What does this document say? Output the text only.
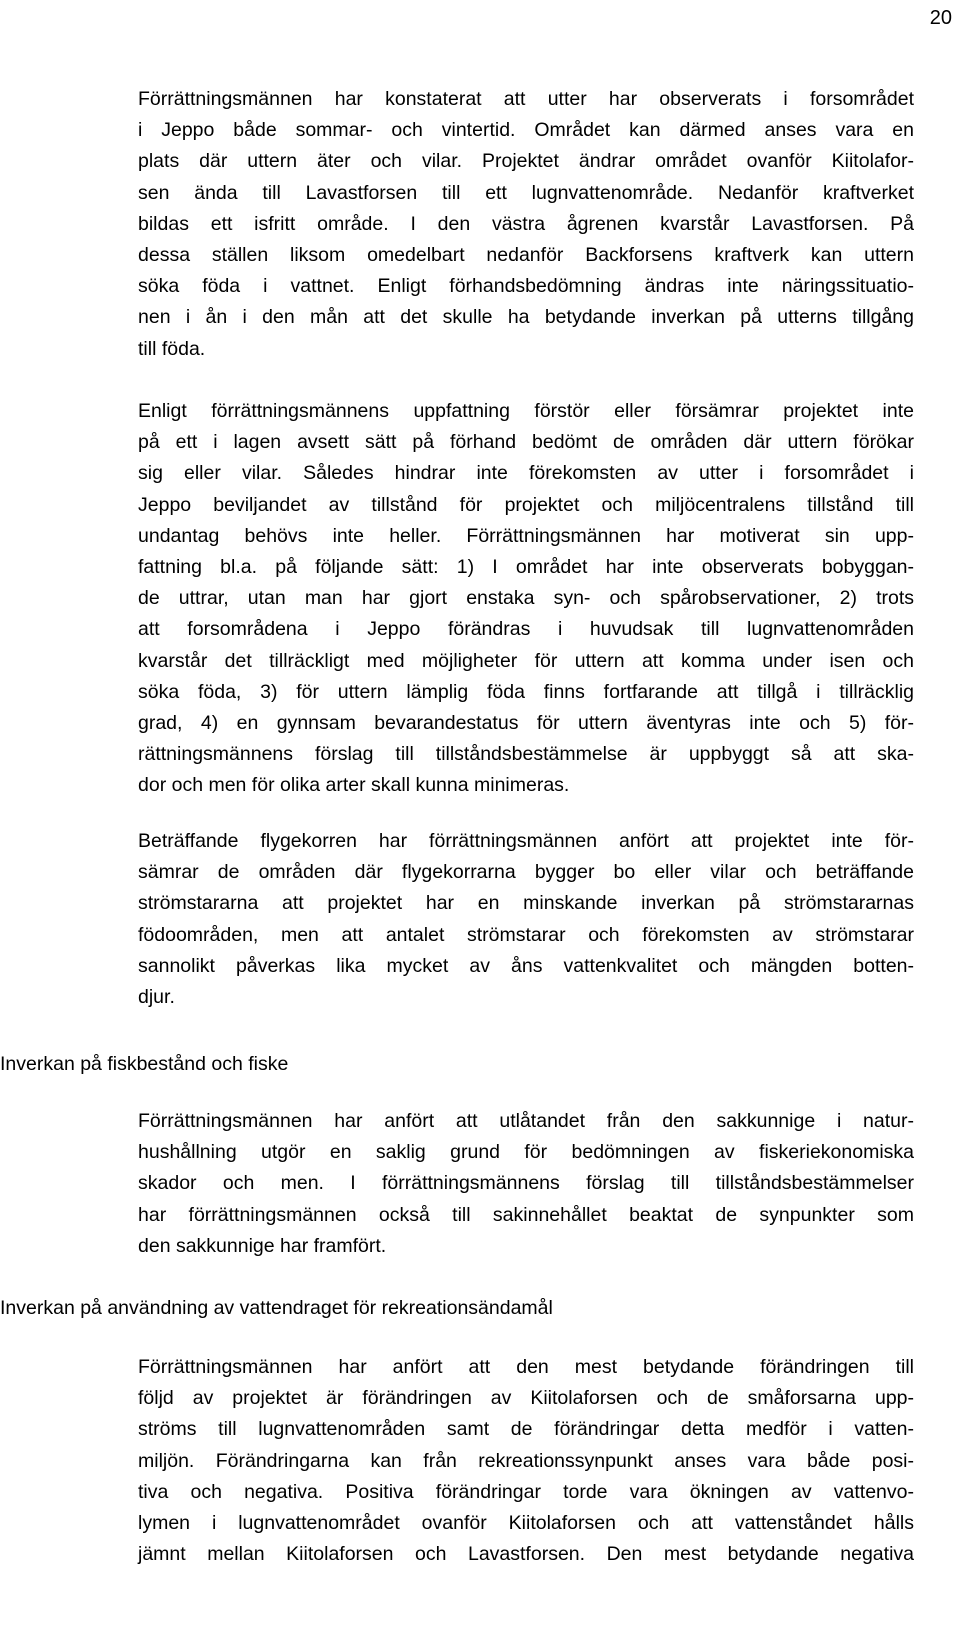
20
Förrättningsmännen har konstaterat att utter har observerats i forsområdet
i Jeppo både sommar- och vintertid. Området kan därmed anses vara en
plats där uttern äter och vilar. Projektet ändrar området ovanför Kiitolafor-
sen ända till Lavastforsen till ett lugnvattenområde. Nedanför kraftverket
bildas ett isfritt område. I den västra ågrenen kvarstår Lavastforsen. På
dessa ställen liksom omedelbart nedanför Backforsens kraftverk kan uttern
söka föda i vattnet. Enligt förhandsbedömning ändras inte näringssituatio-
nen i ån i den mån att det skulle ha betydande inverkan på utterns tillgång
till föda.
Enligt förrättningsmännens uppfattning förstör eller försämrar projektet inte
på ett i lagen avsett sätt på förhand bedömt de områden där uttern förökar
sig eller vilar. Således hindrar inte förekomsten av utter i forsområdet i
Jeppo beviljandet av tillstånd för projektet och miljöcentralens tillstånd till
undantag behövs inte heller. Förrättningsmännen har motiverat sin upp-
fattning bl.a. på följande sätt: 1) I området har inte observerats bobyggan-
de uttrar, utan man har gjort enstaka syn- och spårobservationer, 2) trots
att forsområdena i Jeppo förändras i huvudsak till lugnvattenområden
kvarstår det tillräckligt med möjligheter för uttern att komma under isen och
söka föda, 3) för uttern lämplig föda finns fortfarande att tillgå i tillräcklig
grad, 4) en gynnsam bevarandestatus för uttern äventyras inte och 5) för-
rättningsmännens förslag till tillståndsbestämmelse är uppbyggt så att ska-
dor och men för olika arter skall kunna minimeras.
Beträffande flygekorren har förrättningsmännen anfört att projektet inte för-
sämrar de områden där flygekorrarna bygger bo eller vilar och beträffande
strömstararna att projektet har en minskande inverkan på strömstararnas
födoområden, men att antalet strömstarar och förekomsten av strömstarar
sannolikt påverkas lika mycket av åns vattenkvalitet och mängden botten-
djur.
Inverkan på fiskbestånd och fiske
Förrättningsmännen har anfört att utlåtandet från den sakkunnige i natur-
hushållning utgör en saklig grund för bedömningen av fiskeriekonomiska
skador och men. I förrättningsmännens förslag till tillståndsbestämmelser
har förrättningsmännen också till sakinnehållet beaktat de synpunkter som
den sakkunnige har framfört.
Inverkan på användning av vattendraget för rekreationsändamål
Förrättningsmännen har anfört att den mest betydande förändringen till
följd av projektet är förändringen av Kiitolaforsen och de småforsarna upp-
ströms till lugnvattenområden samt de förändringar detta medför i vatten-
miljön. Förändringarna kan från rekreationssynpunkt anses vara både posi-
tiva och negativa. Positiva förändringar torde vara ökningen av vattenvo-
lymen i lugnvattenområdet ovanför Kiitolaforsen och att vattenståndet hålls
jämnt mellan Kiitolaforsen och Lavastforsen. Den mest betydande negativa
